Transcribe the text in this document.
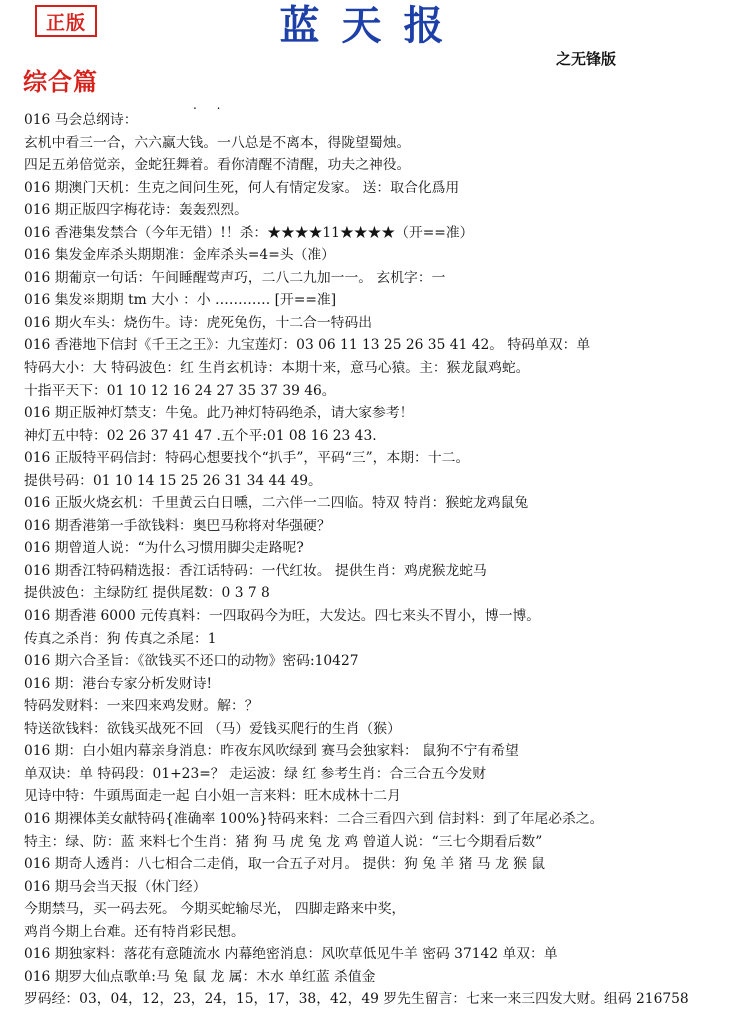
正版	蓝天报
之无锋版
综合篇
. .
016 马会总纲诗：
玄机中看三一合，六六赢大钱。一八总是不离本，得陇望蜀烛。
四足五弟倍觉亲，金蛇狂舞着。看你清醒不清醒，功夫之神役。
016 期澳门天机：生克之间问生死，何人有情定发家。 送：取合化爲用
016 期正版四字梅花诗：轰轰烈烈。
016 香港集发禁合（今年无错）!！杀：★★★★11★★★★（开==准）
016 集发金库杀头期期准：金库杀头=4=头（准）
016 期葡京一句话：午间睡醒莺声巧，二八二九加一一。 玄机字：一
016 集发※期期 tm 大小 ：小 ………… [开==准]
016 期火车头：烧伤牛。诗：虎死兔伤，十二合一特码出
016 香港地下信封《千王之王》：九宝莲灯：03 06 11 13 25 26 35 41 42。 特码单双：单
特码大小：大 特码波色：红 生肖玄机诗：本期十来，意马心猿。主：猴龙鼠鸡蛇。
十指平天下：01 10 12 16 24 27 35 37 39 46。
016 期正版神灯禁支：牛兔。此乃神灯特码绝杀，请大家参考！
神灯五中特：02 26 37 41 47 .五个平:01 08 16 23 43.
016 正版特平码信封：特码心想要找个“扒手”，平码“三”，本期：十二。
提供号码：01 10 14 15 25 26 31 34 44 49。
016 正版火烧玄机：千里黄云白日曛，二六伴一二四临。特双 特肖：猴蛇龙鸡鼠兔
016 期香港第一手欲钱料：奥巴马称将对华强硬？
016 期曾道人说：“为什么习惯用脚尖走路呢?
016 期香江特码精选报：香江话特码：一代红妆。 提供生肖：鸡虎猴龙蛇马
提供波色：主绿防红 提供尾数：0 3 7 8
016 期香港 6000 元传真料：一四取码今为旺，大发达。四七来头不胃小，博一博。
传真之杀肖：狗 传真之杀尾：1
016 期六合圣旨：《欲钱买不还口的动物》密码:10427
016 期：港台专家分析发财诗!
特码发财料：一来四来鸡发财。解：？
特送欲钱料：欲钱买战死不回 （马）爱钱买爬行的生肖（猴）
016 期：白小姐内幕亲身消息：昨夜东风吹绿到 赛马会独家料： 鼠狗不宁有希望
单双诀：单 特码段：01+23=？ 走运波：绿 红 参考生肖：合三合五今发财
见诗中特：牛頭馬面走一起 白小姐一言来料：旺木成林十二月
016 期裸体美女献特码{准确率 100%}特码来料：二合三看四六到 信封料：到了年尾必杀之。
特主：绿、防：蓝 来料七个生肖：猪 狗 马 虎 兔 龙 鸡 曾道人说：“三七今期看后数”
016 期奇人透肖：八七相合二走俏，取一合五子对月。 提供：狗 兔 羊 猪 马 龙 猴 鼠
016 期马会当天报（休门经）
今期禁马，买一码去死。 今期买蛇输尽光， 四脚走路来中奖，
鸡肖今期上台难。还有特肖彩民想。
016 期独家料：落花有意随流水 内幕绝密消息：风吹草低见牛羊 密码 37142 单双：单
016 期罗大仙点歌单:马 兔 鼠 龙 属：木水 单红蓝 杀值金
罗码经：03，04，12，23，24，15，17，38，42，49 罗先生留言：七来一来三四发大财。组码 216758
